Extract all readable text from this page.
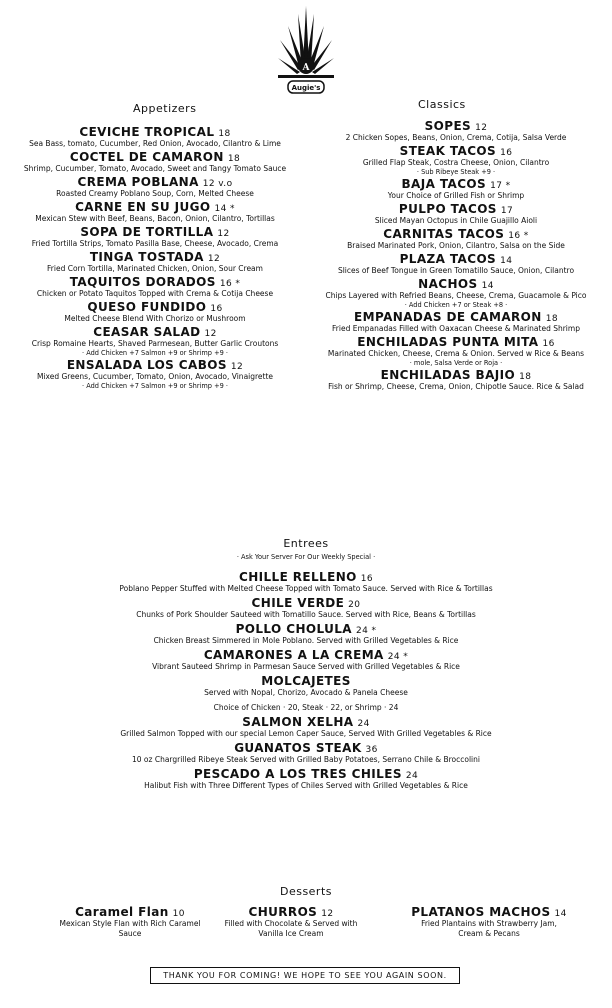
A
Augie's
Appetizers
CEVICHE TROPICAL 18
Sea Bass, tomato, Cucumber, Red Onion, Avocado, Cilantro & Lime
COCTEL DE CAMARON 18
Shrimp, Cucumber, Tomato, Avocado, Sweet and Tangy Tomato Sauce
CREMA POBLANA 12 v.o
Roasted Creamy Poblano Soup, Corn, Melted Cheese
CARNE EN SU JUGO 14 *
Mexican Stew with Beef, Beans, Bacon, Onion, Cilantro, Tortillas
SOPA DE TORTILLA 12
Fried Tortilla Strips, Tomato Pasilla Base, Cheese, Avocado, Crema
TINGA TOSTADA 12
Fried Corn Tortilla, Marinated Chicken, Onion, Sour Cream
TAQUITOS DORADOS 16 *
Chicken or Potato Taquitos Topped with Crema & Cotija Cheese
QUESO FUNDIDO 16
Melted Cheese Blend With Chorizo or Mushroom
CEASAR SALAD 12
Crisp Romaine Hearts, Shaved Parmesean, Butter Garlic Croutons
· Add Chicken +7 Salmon +9 or Shrimp +9 ·
ENSALADA LOS CABOS 12
Mixed Greens, Cucumber, Tomato, Onion, Avocado, Vinaigrette
· Add Chicken +7 Salmon +9 or Shrimp +9 ·
Classics
SOPES 12
2 Chicken Sopes, Beans, Onion, Crema, Cotija, Salsa Verde
STEAK TACOS 16
Grilled Flap Steak, Costra Cheese, Onion, Cilantro
· Sub Ribeye Steak +9 ·
BAJA TACOS 17 *
Your Choice of Grilled Fish or Shrimp
PULPO TACOS 17
Sliced Mayan Octopus in Chile Guajillo Aioli
CARNITAS TACOS 16 *
Braised Marinated Pork, Onion, Cilantro, Salsa on the Side
PLAZA TACOS 14
Slices of Beef Tongue in Green Tomatillo Sauce, Onion, Cilantro
NACHOS 14
Chips Layered with Refried Beans, Cheese, Crema, Guacamole & Pico
· Add Chicken +7 or Steak +8 ·
EMPANADAS DE CAMARON 18
Fried Empanadas Filled with Oaxacan Cheese & Marinated Shrimp
ENCHILADAS PUNTA MITA 16
Marinated Chicken, Cheese, Crema & Onion. Served w Rice & Beans
· mole, Salsa Verde or Roja ·
ENCHILADAS BAJIO 18
Fish or Shrimp, Cheese, Crema, Onion, Chipotle Sauce. Rice & Salad
Entrees
· Ask Your Server For Our Weekly Special ·
CHILLE RELLENO 16
Poblano Pepper Stuffed with Melted Cheese Topped with Tomato Sauce. Served with Rice & Tortillas
CHILE VERDE 20
Chunks of Pork Shoulder Sauteed with Tomatillo Sauce. Served with Rice, Beans & Tortillas
POLLO CHOLULA 24 *
Chicken Breast Simmered in Mole Poblano. Served with Grilled Vegetables & Rice
CAMARONES A LA CREMA 24 *
Vibrant Sauteed Shrimp in Parmesan Sauce Served with Grilled Vegetables & Rice
MOLCAJETES
Served with Nopal, Chorizo, Avocado & Panela Cheese
Choice of Chicken · 20, Steak · 22, or Shrimp · 24
SALMON XELHA 24
Grilled Salmon Topped with our special Lemon Caper Sauce, Served With Grilled Vegetables & Rice
GUANATOS STEAK 36
10 oz Chargrilled Ribeye Steak Served with Grilled Baby Potatoes, Serrano Chile & Broccolini
PESCADO A LOS TRES CHILES 24
Halibut Fish with Three Different Types of Chiles Served with Grilled Vegetables & Rice
Desserts
Caramel Flan 10
Mexican Style Flan with Rich Caramel
Sauce
CHURROS 12
Filled with Chocolate & Served with
Vanilla Ice Cream
PLATANOS MACHOS 14
Fried Plantains with Strawberry Jam,
Cream & Pecans
THANK YOU FOR COMING! WE HOPE TO SEE YOU AGAIN SOON.
